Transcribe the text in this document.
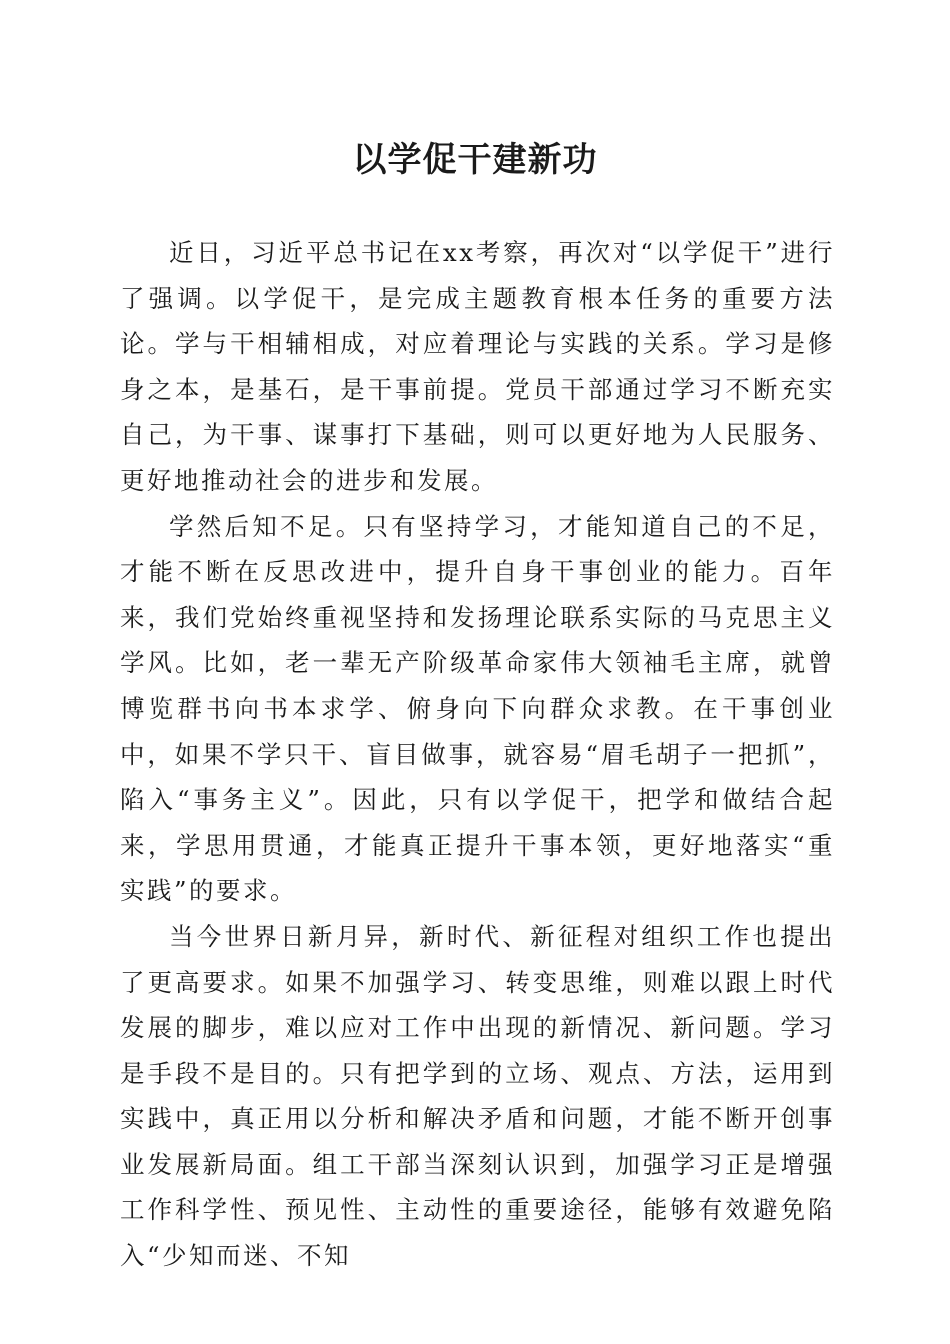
以学促干建新功

近日，习近平总书记在xx考察，再次对“以学促干”进行了强调。以学促干，是完成主题教育根本任务的重要方法论。学与干相辅相成，对应着理论与实践的关系。学习是修身之本，是基石，是干事前提。党员干部通过学习不断充实自己，为干事、谋事打下基础，则可以更好地为人民服务、更好地推动社会的进步和发展。

学然后知不足。只有坚持学习，才能知道自己的不足，才能不断在反思改进中，提升自身干事创业的能力。百年来，我们党始终重视坚持和发扬理论联系实际的马克思主义学风。比如，老一辈无产阶级革命家伟大领袖毛主席，就曾博览群书向书本求学、俯身向下向群众求教。在干事创业中，如果不学只干、盲目做事，就容易“眉毛胡子一把抓”，陷入“事务主义”。因此，只有以学促干，把学和做结合起来，学思用贯通，才能真正提升干事本领，更好地落实“重实践”的要求。

当今世界日新月异，新时代、新征程对组织工作也提出了更高要求。如果不加强学习、转变思维，则难以跟上时代发展的脚步，难以应对工作中出现的新情况、新问题。学习是手段不是目的。只有把学到的立场、观点、方法，运用到实践中，真正用以分析和解决矛盾和问题，才能不断开创事业发展新局面。组工干部当深刻认识到，加强学习正是增强工作科学性、预见性、主动性的重要途径，能够有效避免陷入“少知而迷、不知
